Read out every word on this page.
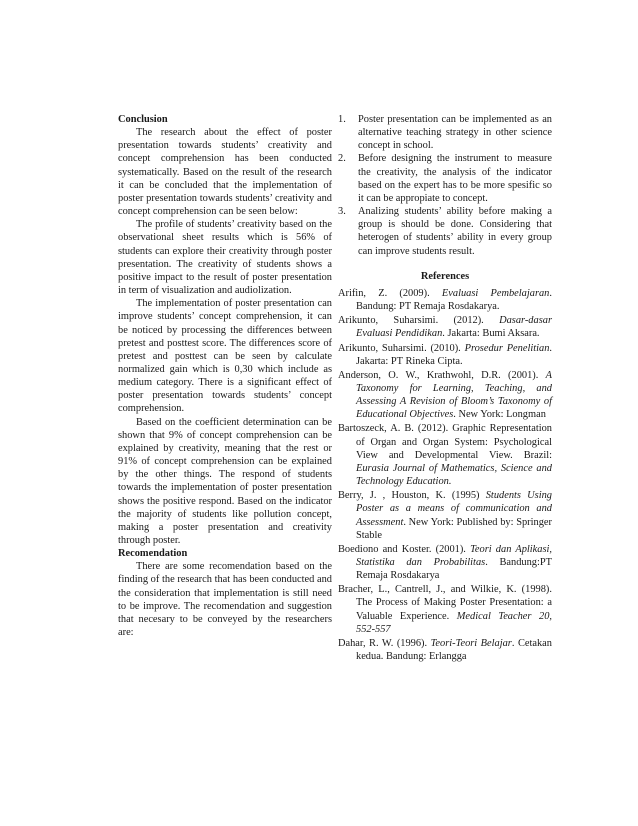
Conclusion

The research about the effect of poster presentation towards students’ creativity and concept comprehension has been conducted systematically. Based on the result of the research it can be concluded that the implementation of poster presentation towards students’ creativity and concept comprehension can be seen below:

The profile of students’ creativity based on the observational sheet results which is 56% of students can explore their creativity through poster presentation. The creativity of students shows a positive impact to the result of poster presentation in term of visualization and audiolization.

The implementation of poster presentation can improve students’ concept comprehension, it can be noticed by processing the differences between pretest and posttest score. The differences score of pretest and posttest can be seen by calculate normalized gain which is 0,30 which include as medium category. There is a significant effect of poster presentation towards students’ concept comprehension.

Based on the coefficient determination can be shown that 9% of concept comprehension can be explained by creativity, meaning that the rest or 91% of concept comprehension can be explained by the other things. The respond of students towards the implementation of poster presentation shows the positive respond. Based on the indicator the majority of students like pollution concept, making a poster presentation and creativity through poster.

Recomendation

There are some recomendation based on the finding of the research that has been conducted and the consideration that implementation is still need to be improve. The recomendation and suggestion that necesary to be conveyed by the researchers are:

1. Poster presentation can be implemented as an alternative teaching strategy in other science concept in school.
2. Before designing the instrument to measure the creativity, the analysis of the indicator based on the expert has to be more spesific so it can be appropiate to concept.
3. Analizing students’ ability before making a group is should be done. Considering that heterogen of students’ ability in every group can improve students result.

References

Arifin, Z. (2009). Evaluasi Pembelajaran. Bandung: PT Remaja Rosdakarya.

Arikunto, Suharsimi. (2012). Dasar-dasar Evaluasi Pendidikan. Jakarta: Bumi Aksara.

Arikunto, Suharsimi. (2010). Prosedur Penelitian. Jakarta: PT Rineka Cipta.

Anderson, O. W., Krathwohl, D.R. (2001). A Taxonomy for Learning, Teaching, and Assessing A Revision of Bloom’s Taxonomy of Educational Objectives. New York: Longman

Bartoszeck, A. B. (2012). Graphic Representation of Organ and Organ System: Psychological View and Developmental View. Brazil: Eurasia Journal of Mathematics, Science and Technology Education.

Berry, J. , Houston, K. (1995) Students Using Poster as a means of communication and Assessment. New York: Published by: Springer Stable

Boediono and Koster. (2001). Teori dan Aplikasi, Statistika dan Probabilitas. Bandung:PT Remaja Rosdakarya

Bracher, L., Cantrell, J., and Wilkie, K. (1998). The Process of Making Poster Presentation: a Valuable Experience. Medical Teacher 20, 552-557

Dahar, R. W. (1996). Teori-Teori Belajar. Cetakan kedua. Bandung: Erlangga
